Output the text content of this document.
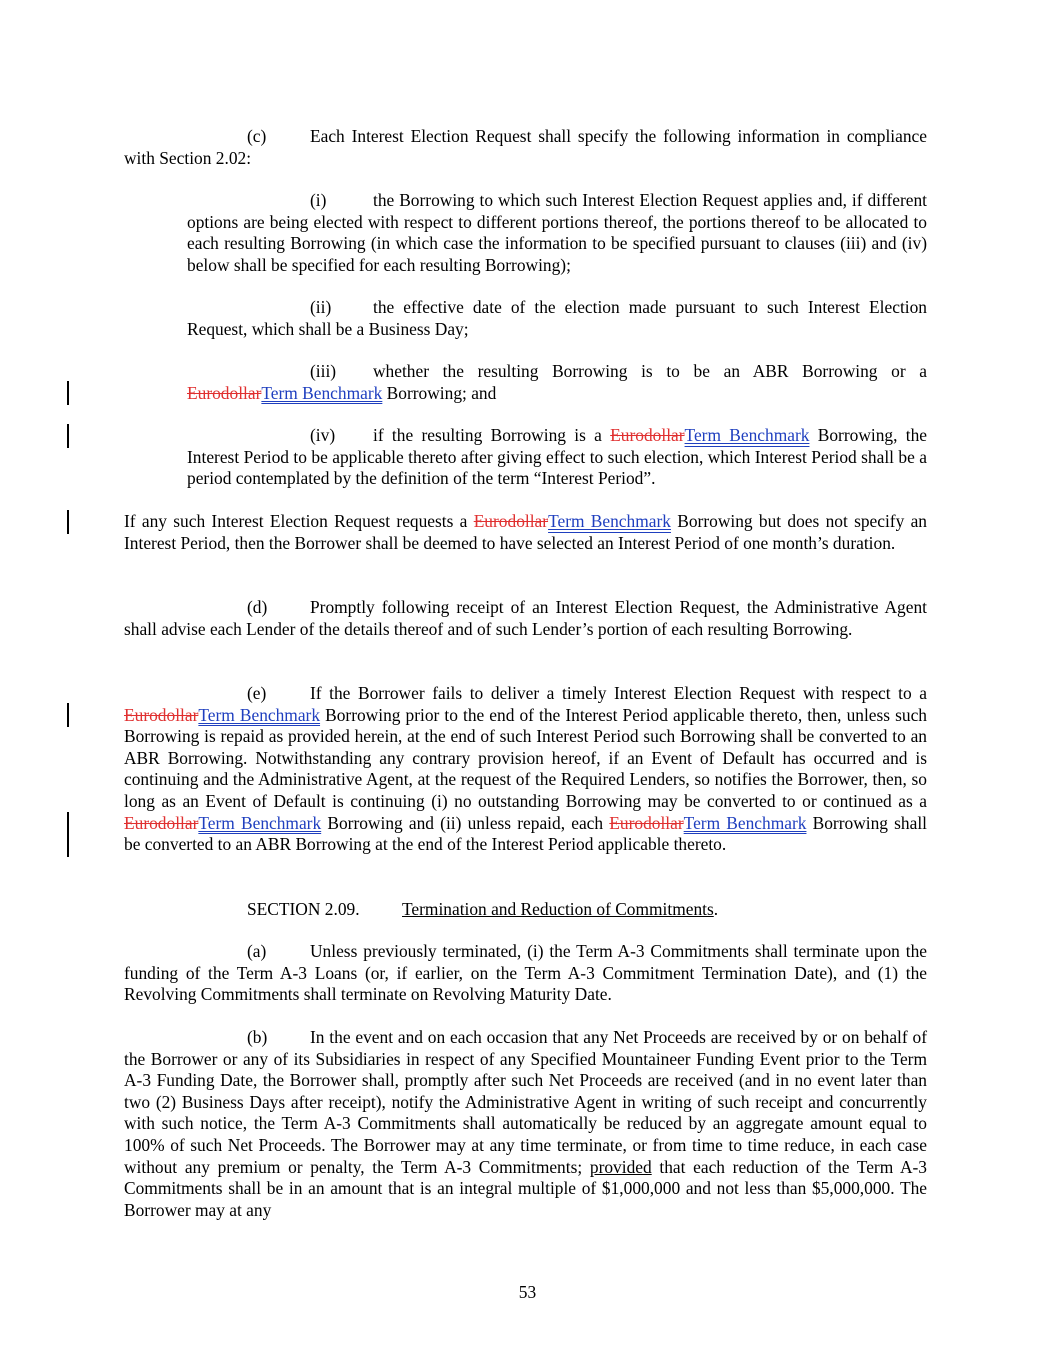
(c)	Each Interest Election Request shall specify the following information in compliance with Section 2.02:

(i)	the Borrowing to which such Interest Election Request applies and, if different options are being elected with respect to different portions thereof, the portions thereof to be allocated to each resulting Borrowing (in which case the information to be specified pursuant to clauses (iii) and (iv) below shall be specified for each resulting Borrowing);

(ii) the effective date of the election made pursuant to such Interest Election Request, which shall be a Business Day;

(iii) whether the resulting Borrowing is to be an ABR Borrowing or a EurodollarTerm Benchmark Borrowing; and

(iv) if the resulting Borrowing is a EurodollarTerm Benchmark Borrowing, the Interest Period to be applicable thereto after giving effect to such election, which Interest Period shall be a period contemplated by the definition of the term “Interest Period”.

If any such Interest Election Request requests a EurodollarTerm Benchmark Borrowing but does not specify an Interest Period, then the Borrower shall be deemed to have selected an Interest Period of one month’s duration.

(d) Promptly following receipt of an Interest Election Request, the Administrative Agent shall advise each Lender of the details thereof and of such Lender’s portion of each resulting Borrowing.

(e)	If the Borrower fails to deliver a timely Interest Election Request with respect to a EurodollarTerm Benchmark Borrowing prior to the end of the Interest Period applicable thereto, then, unless such Borrowing is repaid as provided herein, at the end of such Interest Period such Borrowing shall be converted to an ABR Borrowing. Notwithstanding any contrary provision hereof, if an Event of Default has occurred and is continuing and the Administrative Agent, at the request of the Required Lenders, so notifies the Borrower, then, so long as an Event of Default is continuing (i) no outstanding Borrowing may be converted to or continued as a EurodollarTerm Benchmark Borrowing and (ii) unless repaid, each EurodollarTerm Benchmark Borrowing shall be converted to an ABR Borrowing at the end of the Interest Period applicable thereto.

SECTION 2.09. Termination and Reduction of Commitments.

(a)	Unless previously terminated, (i) the Term A-3 Commitments shall terminate upon the funding of the Term A-3 Loans (or, if earlier, on the Term A-3 Commitment Termination Date), and (1) the Revolving Commitments shall terminate on Revolving Maturity Date.

(b) In the event and on each occasion that any Net Proceeds are received by or on behalf of the Borrower or any of its Subsidiaries in respect of any Specified Mountaineer Funding Event prior to the Term A-3 Funding Date, the Borrower shall, promptly after such Net Proceeds are received (and in no event later than two (2) Business Days after receipt), notify the Administrative Agent in writing of such receipt and concurrently with such notice, the Term A-3 Commitments shall automatically be reduced by an aggregate amount equal to 100% of such Net Proceeds. The Borrower may at any time terminate, or from time to time reduce, in each case without any premium or penalty, the Term A-3 Commitments; provided that each reduction of the Term A-3 Commitments shall be in an amount that is an integral multiple of $1,000,000 and not less than $5,000,000. The Borrower may at any

53
